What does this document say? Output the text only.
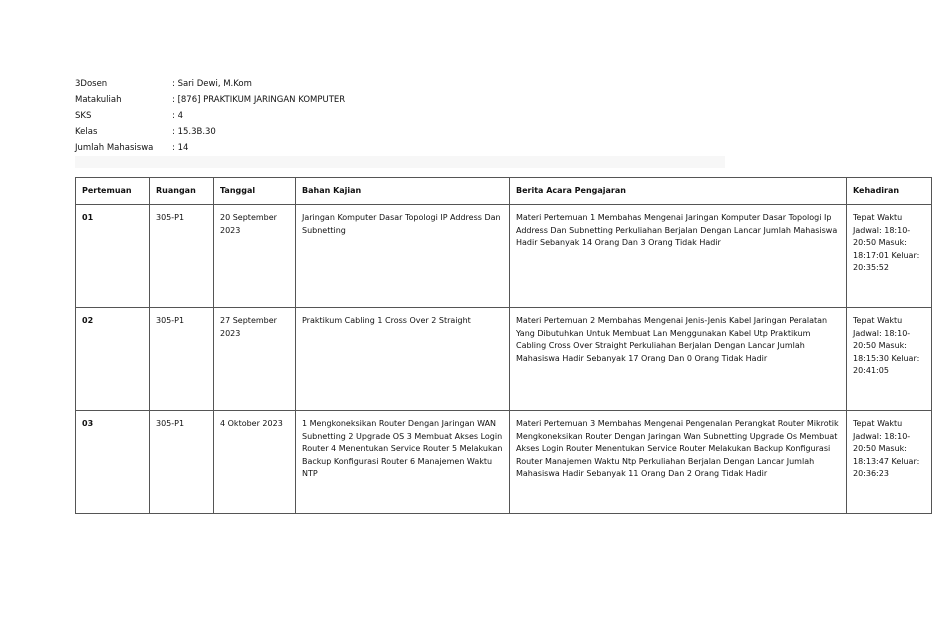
3Dosen	: Sari Dewi, M.Kom
Matakuliah	: [876] PRAKTIKUM JARINGAN KOMPUTER
SKS	: 4
Kelas	: 15.3B.30
Jumlah Mahasiswa	: 14
Pertemuan	Ruangan	Tanggal	Bahan Kajian	Berita Acara Pengajaran	Kehadiran
01	305-P1	20 September 2023	Jaringan Komputer Dasar Topologi IP Address Dan Subnetting	Materi Pertemuan 1 Membahas Mengenai Jaringan Komputer Dasar Topologi Ip Address Dan Subnetting Perkuliahan Berjalan Dengan Lancar Jumlah Mahasiswa Hadir Sebanyak 14 Orang Dan 3 Orang Tidak Hadir	Tepat Waktu Jadwal: 18:10-20:50 Masuk: 18:17:01 Keluar: 20:35:52
02	305-P1	27 September 2023	Praktikum Cabling 1 Cross Over 2 Straight	Materi Pertemuan 2 Membahas Mengenai Jenis-Jenis Kabel Jaringan Peralatan Yang Dibutuhkan Untuk Membuat Lan Menggunakan Kabel Utp Praktikum Cabling Cross Over Straight Perkuliahan Berjalan Dengan Lancar Jumlah Mahasiswa Hadir Sebanyak 17 Orang Dan 0 Orang Tidak Hadir	Tepat Waktu Jadwal: 18:10-20:50 Masuk: 18:15:30 Keluar: 20:41:05
03	305-P1	4 Oktober 2023	1 Mengkoneksikan Router Dengan Jaringan WAN Subnetting 2 Upgrade OS 3 Membuat Akses Login Router 4 Menentukan Service Router 5 Melakukan Backup Konfigurasi Router 6 Manajemen Waktu NTP	Materi Pertemuan 3 Membahas Mengenai Pengenalan Perangkat Router Mikrotik Mengkoneksikan Router Dengan Jaringan Wan Subnetting Upgrade Os Membuat Akses Login Router Menentukan Service Router Melakukan Backup Konfigurasi Router Manajemen Waktu Ntp Perkuliahan Berjalan Dengan Lancar Jumlah Mahasiswa Hadir Sebanyak 11 Orang Dan 2 Orang Tidak Hadir	Tepat Waktu Jadwal: 18:10-20:50 Masuk: 18:13:47 Keluar: 20:36:23
